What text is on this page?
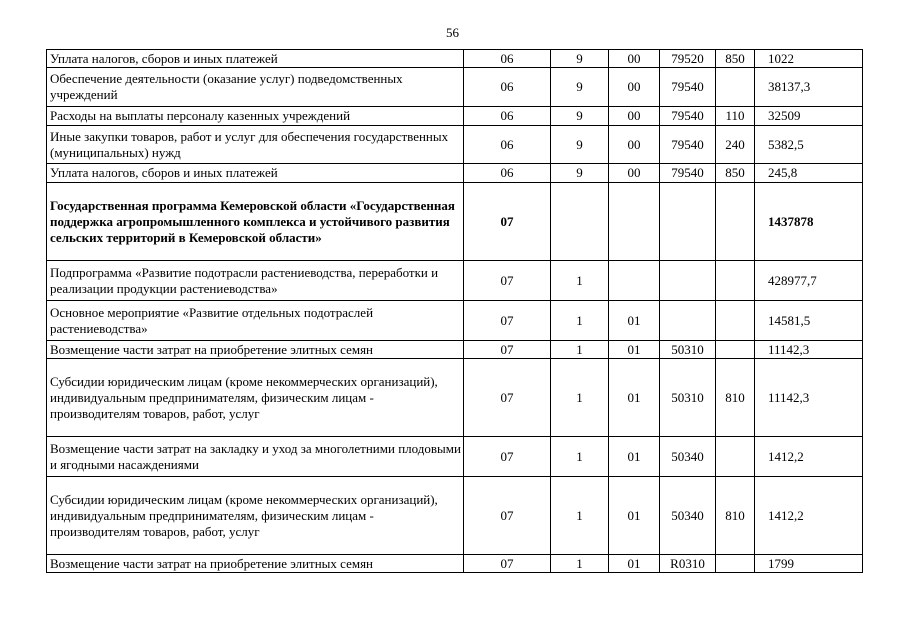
56
Уплата налогов, сборов и иных платежей	06	9	00	79520	850	1022
Обеспечение деятельности (оказание услуг) подведомственных учреждений	06	9	00	79540		38137,3
Расходы на выплаты персоналу казенных учреждений	06	9	00	79540	110	32509
Иные закупки товаров, работ и услуг для обеспечения государственных (муниципальных) нужд	06	9	00	79540	240	5382,5
Уплата налогов, сборов и иных платежей	06	9	00	79540	850	245,8
Государственная программа Кемеровской области «Государственная поддержка агропромышленного комплекса и устойчивого развития сельских территорий в Кемеровской области»	07					1437878
Подпрограмма «Развитие подотрасли растениеводства, переработки и реализации продукции растениеводства»	07	1				428977,7
Основное мероприятие «Развитие отдельных подотраслей растениеводства»	07	1	01			14581,5
Возмещение части затрат на приобретение элитных семян	07	1	01	50310		11142,3
Субсидии юридическим лицам (кроме некоммерческих организаций), индивидуальным предпринимателям, физическим лицам - производителям товаров, работ, услуг	07	1	01	50310	810	11142,3
Возмещение части затрат на закладку и уход за многолетними плодовыми и ягодными насаждениями	07	1	01	50340		1412,2
Субсидии юридическим лицам (кроме некоммерческих организаций), индивидуальным предпринимателям, физическим лицам - производителям товаров, работ, услуг	07	1	01	50340	810	1412,2
Возмещение части затрат на приобретение элитных семян	07	1	01	R0310		1799
